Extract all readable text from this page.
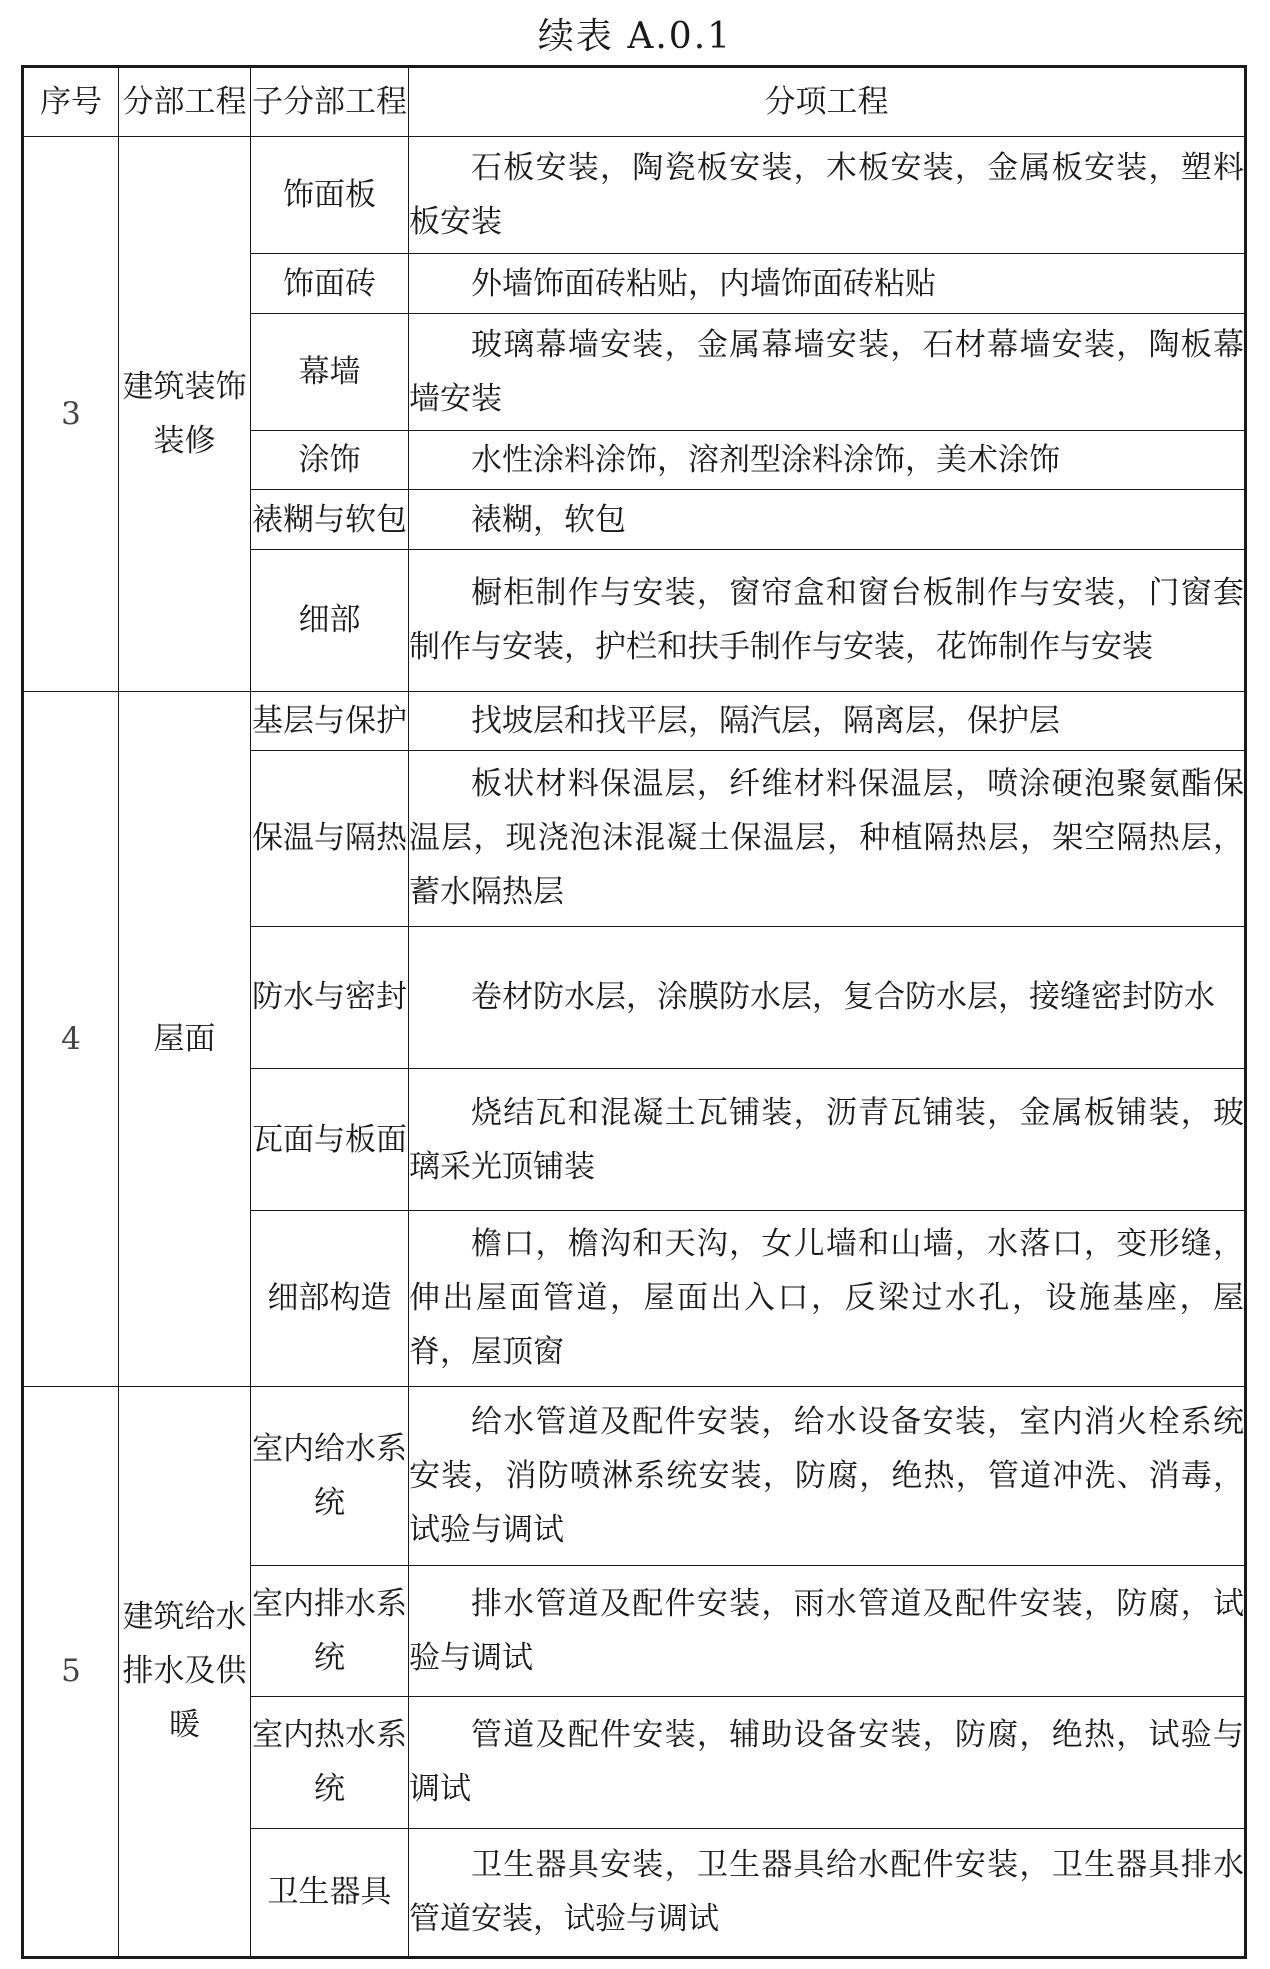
续表 A.0.1
序号	分部工程	子分部工程	分项工程
3	建筑装饰装修	饰面板	石板安装，陶瓷板安装，木板安装，金属板安装，塑料板安装
		饰面砖	外墙饰面砖粘贴，内墙饰面砖粘贴
		幕墙	玻璃幕墙安装，金属幕墙安装，石材幕墙安装，陶板幕墙安装
		涂饰	水性涂料涂饰，溶剂型涂料涂饰，美术涂饰
		裱糊与软包	裱糊，软包
		细部	橱柜制作与安装，窗帘盒和窗台板制作与安装，门窗套制作与安装，护栏和扶手制作与安装，花饰制作与安装
4	屋面	基层与保护	找坡层和找平层，隔汽层，隔离层，保护层
		保温与隔热	板状材料保温层，纤维材料保温层，喷涂硬泡聚氨酯保温层，现浇泡沫混凝土保温层，种植隔热层，架空隔热层，蓄水隔热层
		防水与密封	卷材防水层，涂膜防水层，复合防水层，接缝密封防水
		瓦面与板面	烧结瓦和混凝土瓦铺装，沥青瓦铺装，金属板铺装，玻璃采光顶铺装
		细部构造	檐口，檐沟和天沟，女儿墙和山墙，水落口，变形缝，伸出屋面管道，屋面出入口，反梁过水孔，设施基座，屋脊，屋顶窗
5	建筑给水排水及供暖	室内给水系统	给水管道及配件安装，给水设备安装，室内消火栓系统安装，消防喷淋系统安装，防腐，绝热，管道冲洗、消毒，试验与调试
		室内排水系统	排水管道及配件安装，雨水管道及配件安装，防腐，试验与调试
		室内热水系统	管道及配件安装，辅助设备安装，防腐，绝热，试验与调试
		卫生器具	卫生器具安装，卫生器具给水配件安装，卫生器具排水管道安装，试验与调试
